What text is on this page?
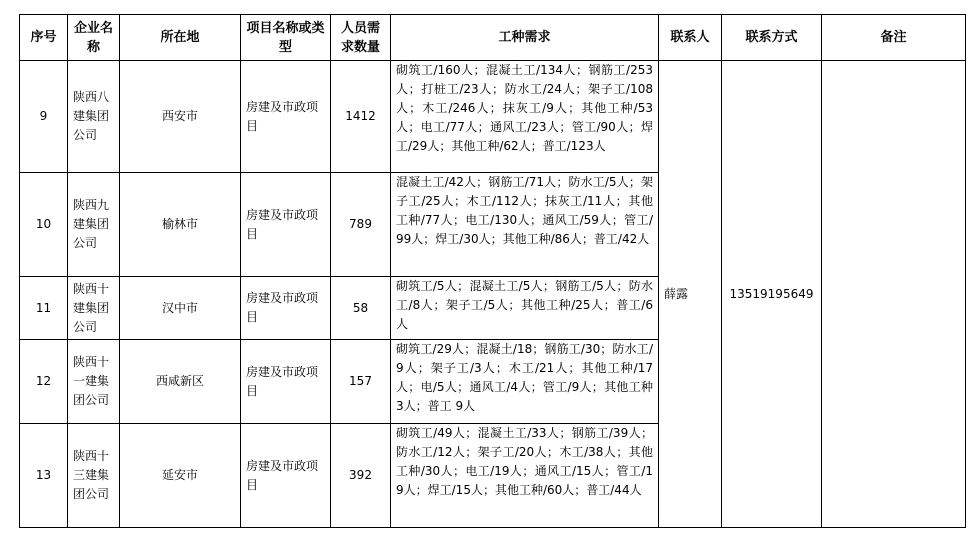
序号	企业名称	所在地	项目名称或类型	人员需求数量	工种需求	联系人	联系方式	备注
9	陕西八建集团公司	西安市	房建及市政项目	1412	砌筑工/160人；混凝土工/134人；钢筋工/253人；打桩工/23人；防水工/24人；架子工/108人；木工/246人；抹灰工/9人；其他工种/53人；电工/77人；通风工/23人；管工/90人；焊工/29人；其他工种/62人；普工/123人	薛露	13519195649	
10	陕西九建集团公司	榆林市	房建及市政项目	789	混凝土工/42人；钢筋工/71人；防水工/5人；架子工/25人；木工/112人；抹灰工/11人；其他工种/77人；电工/130人；通风工/59人；管工/99人；焊工/30人；其他工种/86人；普工/42人			
11	陕西十建集团公司	汉中市	房建及市政项目	58	砌筑工/5人；混凝土工/5人；钢筋工/5人；防水工/8人；架子工/5人；其他工种/25人；普工/6人			
12	陕西十一建集团公司	西咸新区	房建及市政项目	157	砌筑工/29人；混凝土/18；钢筋工/30；防水工/9人；架子工/3人；木工/21人；其他工种/17人；电/5人；通风工/4人；管工/9人；其他工种3人；普工 9人			
13	陕西十三建集团公司	延安市	房建及市政项目	392	砌筑工/49人；混凝土工/33人；钢筋工/39人；防水工/12人；架子工/20人；木工/38人；其他工种/30人；电工/19人；通风工/15人；管工/19人；焊工/15人；其他工种/60人；普工/44人			
